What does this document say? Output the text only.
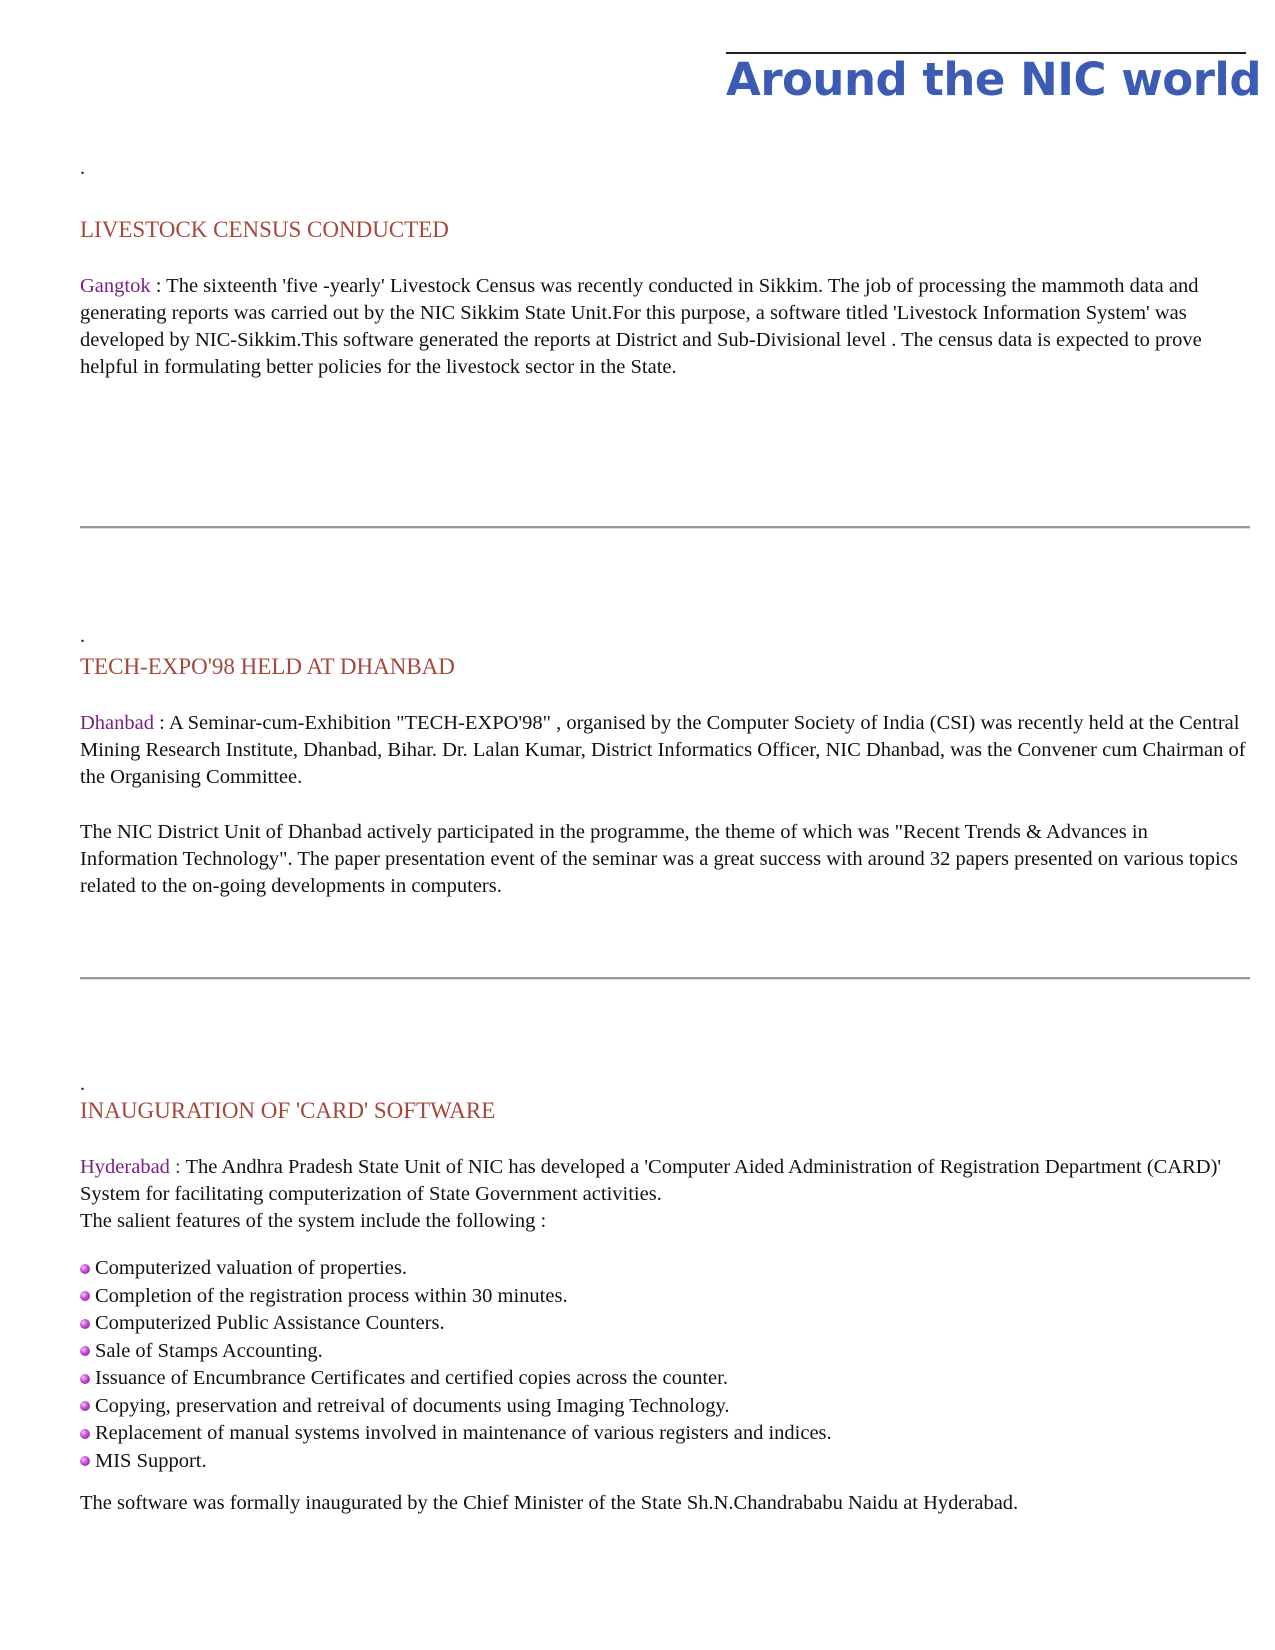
Around the NIC world
.
LIVESTOCK CENSUS CONDUCTED

Gangtok : The sixteenth 'five -yearly' Livestock Census was recently conducted in Sikkim. The job of processing the mammoth data and generating reports was carried out by the NIC Sikkim State Unit.For this purpose, a software titled 'Livestock Information System' was developed by NIC-Sikkim.This software generated the reports at District and Sub-Divisional level . The census data is expected to prove helpful in formulating better policies for the livestock sector in the State.

.
TECH-EXPO'98 HELD AT DHANBAD

Dhanbad : A Seminar-cum-Exhibition "TECH-EXPO'98" , organised by the Computer Society of India (CSI) was recently held at the Central Mining Research Institute, Dhanbad, Bihar. Dr. Lalan Kumar, District Informatics Officer, NIC Dhanbad, was the Convener cum Chairman of the Organising Committee.

The NIC District Unit of Dhanbad actively participated in the programme, the theme of which was "Recent Trends & Advances in Information Technology". The paper presentation event of the seminar was a great success with around 32 papers presented on various topics related to the on-going developments in computers.

.
INAUGURATION OF 'CARD' SOFTWARE

Hyderabad : The Andhra Pradesh State Unit of NIC has developed a 'Computer Aided Administration of Registration Department (CARD)' System for facilitating computerization of State Government activities.
The salient features of the system include the following :

Computerized valuation of properties.
Completion of the registration process within 30 minutes.
Computerized Public Assistance Counters.
Sale of Stamps Accounting.
Issuance of Encumbrance Certificates and certified copies across the counter.
Copying, preservation and retreival of documents using Imaging Technology.
Replacement of manual systems involved in maintenance of various registers and indices.
MIS Support.

The software was formally inaugurated by the Chief Minister of the State Sh.N.Chandrababu Naidu at Hyderabad.
